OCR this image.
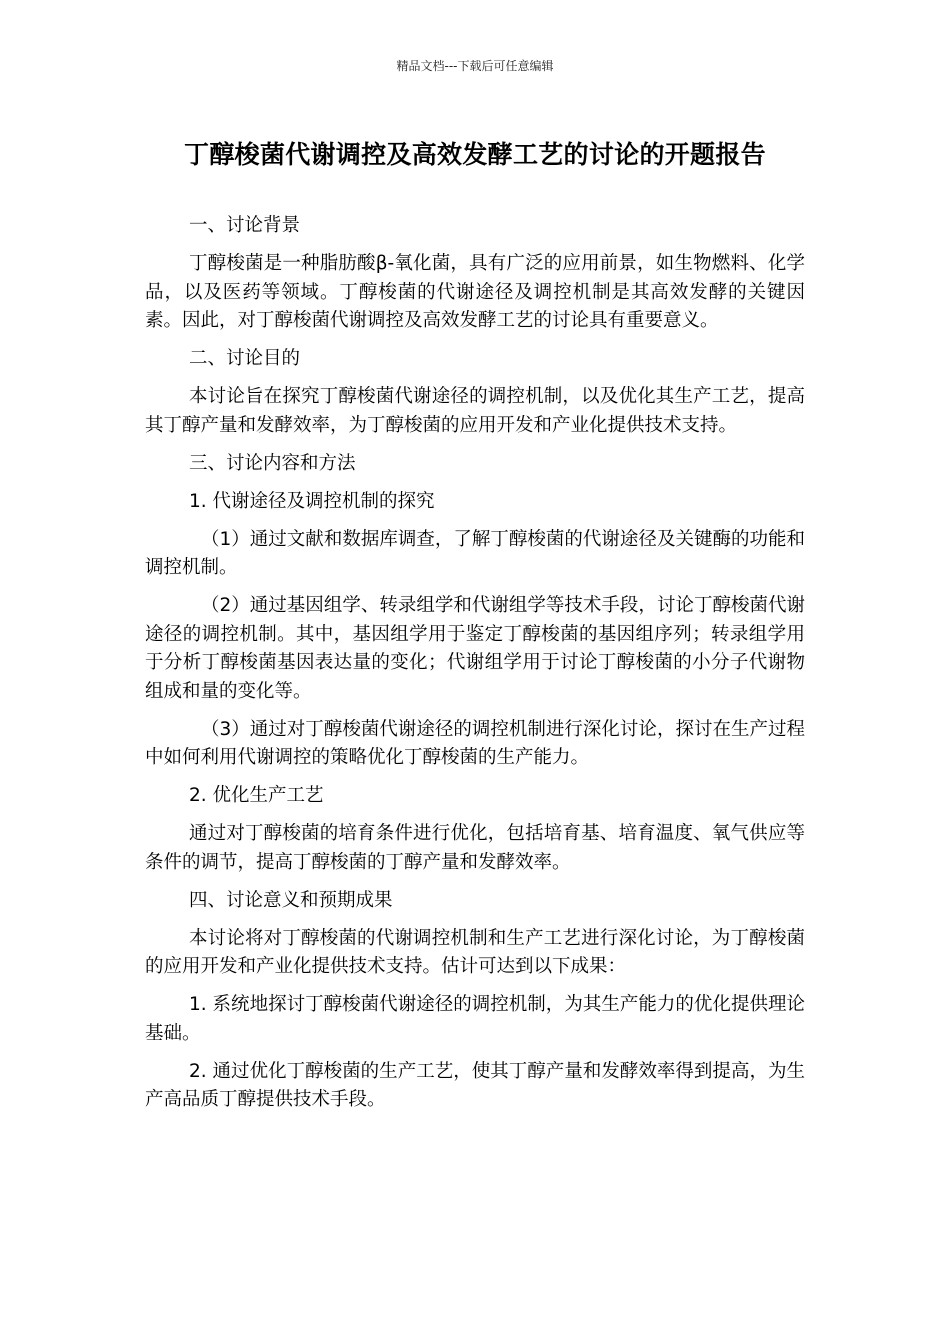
精品文档---下载后可任意编辑
丁醇梭菌代谢调控及高效发酵工艺的讨论的开题报告

一、讨论背景

丁醇梭菌是一种脂肪酸β-氧化菌，具有广泛的应用前景，如生物燃料、化学品，以及医药等领域。丁醇梭菌的代谢途径及调控机制是其高效发酵的关键因素。因此，对丁醇梭菌代谢调控及高效发酵工艺的讨论具有重要意义。

二、讨论目的

本讨论旨在探究丁醇梭菌代谢途径的调控机制，以及优化其生产工艺，提高其丁醇产量和发酵效率，为丁醇梭菌的应用开发和产业化提供技术支持。

三、讨论内容和方法

1. 代谢途径及调控机制的探究

（1）通过文献和数据库调查，了解丁醇梭菌的代谢途径及关键酶的功能和调控机制。

（2）通过基因组学、转录组学和代谢组学等技术手段，讨论丁醇梭菌代谢途径的调控机制。其中，基因组学用于鉴定丁醇梭菌的基因组序列；转录组学用于分析丁醇梭菌基因表达量的变化；代谢组学用于讨论丁醇梭菌的小分子代谢物组成和量的变化等。

（3）通过对丁醇梭菌代谢途径的调控机制进行深化讨论，探讨在生产过程中如何利用代谢调控的策略优化丁醇梭菌的生产能力。

2. 优化生产工艺

通过对丁醇梭菌的培育条件进行优化，包括培育基、培育温度、氧气供应等条件的调节，提高丁醇梭菌的丁醇产量和发酵效率。

四、讨论意义和预期成果

本讨论将对丁醇梭菌的代谢调控机制和生产工艺进行深化讨论，为丁醇梭菌的应用开发和产业化提供技术支持。估计可达到以下成果：

1. 系统地探讨丁醇梭菌代谢途径的调控机制，为其生产能力的优化提供理论基础。

2. 通过优化丁醇梭菌的生产工艺，使其丁醇产量和发酵效率得到提高，为生产高品质丁醇提供技术手段。
